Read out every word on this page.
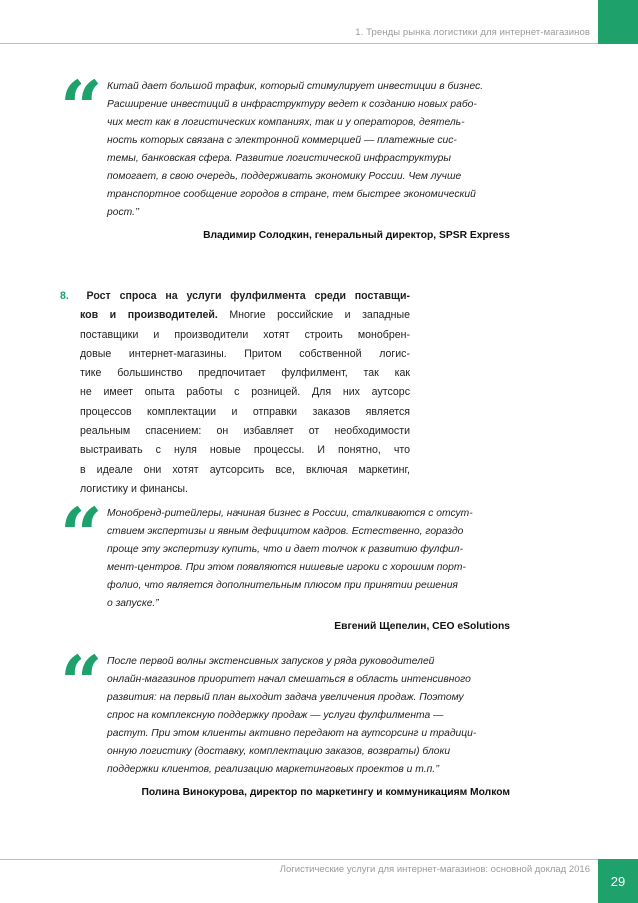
1. Тренды рынка логистики для интернет-магазинов
“ Китай дает большой трафик, который стимулирует инвестиции в бизнес.
Расширение инвестиций в инфраструктуру ведет к созданию новых рабо-
чих мест как в логистических компаниях, так и у операторов, деятель-
ность которых связана с электронной коммерцией — платежные сис-
темы, банковская сфера. Развитие логистической инфраструктуры
помогает, в свою очередь, поддерживать экономику России. Чем лучше
транспортное сообщение городов в стране, тем быстрее экономический
рост.’’
Владимир Солодкин, генеральный директор, SPSR Express
8. Рост спроса на услуги фулфилмента среди поставщи-
ков и производителей. Многие российские и западные
поставщики и производители хотят строить монобрен-
довые интернет-магазины. Притом собственной логис-
тике большинство предпочитает фулфилмент, так как
не имеет опыта работы с розницей. Для них аутсорс
процессов комплектации и отправки заказов является
реальным спасением: он избавляет от необходимости
выстраивать с нуля новые процессы. И понятно, что
в идеале они хотят аутсорсить все, включая маркетинг,
логистику и финансы.
“ Монобренд-ритейлеры, начиная бизнес в России, сталкиваются с отсут-
ствием экспертизы и явным дефицитом кадров. Естественно, гораздо
проще эту экспертизу купить, что и дает толчок к развитию фулфил-
мент-центров. При этом появляются нишевые игроки с хорошим порт-
фолио, что является дополнительным плюсом при принятии решения
о запуске.”
Евгений Щепелин, CEO eSolutions
“ После первой волны экстенсивных запусков у ряда руководителей
онлайн-магазинов приоритет начал смешаться в область интенсивного
развития: на первый план выходит задача увеличения продаж. Поэтому
спрос на комплексную поддержку продаж — услуги фулфилмента —
растут. При этом клиенты активно передают на аутсорсинг и традици-
онную логистику (доставку, комплектацию заказов, возвраты) блоки
поддержки клиентов, реализацию маркетинговых проектов и т.п.’’
Полина Винокурова, директор по маркетингу и коммуникациям Молком
Логистические услуги для интернет-магазинов: основной доклад 2016
29
